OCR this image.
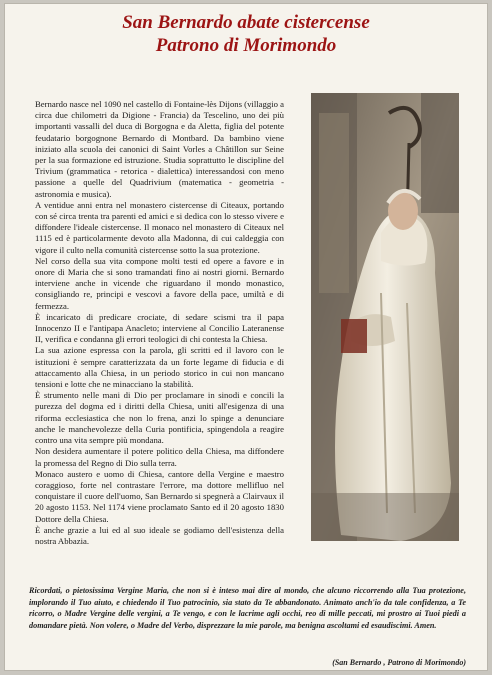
San Bernardo abate cistercense
Patrono di Morimondo

Bernardo nasce nel 1090 nel castello di Fontaine-lès Dijons (villaggio a circa due chilometri da Digione - Francia) da Tescelino, uno dei più importanti vassalli del duca di Borgogna e da Aletta, figlia del potente feudatario borgognone Bernardo di Montbard. Da bambino viene iniziato alla scuola dei canonici di Saint Vorles a Châtillon sur Seine per la sua formazione ed istruzione. Studia soprattutto le discipline del Trivium (grammatica - retorica - dialettica) interessandosi con meno passione a quelle del Quadrivium (matematica - geometria - astronomia e musica).

A ventidue anni entra nel monastero cistercense di Citeaux, portando con sé circa trenta tra parenti ed amici e si dedica con lo stesso vivere e diffondere l'ideale cistercense. Il monaco nel monastero di Citeaux nel 1115 ed è particolarmente devoto alla Madonna, di cui caldeggia con vigore il culto nella comunità cistercense sotto la sua protezione.

Nel corso della sua vita compone molti testi ed opere a favore e in onore di Maria che si sono tramandati fino ai nostri giorni. Bernardo interviene anche in vicende che riguardano il mondo monastico, consigliando re, principi e vescovi a favore della pace, umiltà e di fermezza.

È incaricato di predicare crociate, di sedare scismi tra il papa Innocenzo II e l'antipapa Anacleto; interviene al Concilio Lateranense II, verifica e condanna gli errori teologici di chi contesta la Chiesa.

La sua azione espressa con la parola, gli scritti ed il lavoro con le istituzioni è sempre caratterizzata da un forte legame di fiducia e di attaccamento alla Chiesa, in un periodo storico in cui non mancano tensioni e lotte che ne minacciano la stabilità.

È strumento nelle mani di Dio per proclamare in sinodi e concili la purezza del dogma ed i diritti della Chiesa, uniti all'esigenza di una riforma ecclesiastica che non lo frena, anzi lo spinge a denunciare anche le manchevolezze della Curia pontificia, spingendola a reagire contro una vita sempre più mondana.

Non desidera aumentare il potere politico della Chiesa, ma diffondere la promessa del Regno di Dio sulla terra.

Monaco austero e uomo di Chiesa, cantore della Vergine e maestro coraggioso, forte nel contrastare l'errore, ma dottore mellifluo nel conquistare il cuore dell'uomo, San Bernardo si spegnerà a Clairvaux il 20 agosto 1153. Nel 1174 viene proclamato Santo ed il 20 agosto 1830 Dottore della Chiesa.

È anche grazie a lui ed al suo ideale se godiamo dell'esistenza della nostra Abbazia.

Ricordati, o pietosissima Vergine Maria, che non si è inteso mai dire al mondo, che alcuno riccorrendo alla Tua protezione, implorando il Tuo aiuto, e chiedendo il Tuo patrocinio, sia stato da Te abbandonato. Animato anch'io da tale confidenza, a Te ricorro, o Madre Vergine delle vergini, a Te vengo, e con le lacrime agli occhi, reo di mille peccati, mi prostro ai Tuoi piedi a domandare pietà. Non volere, o Madre del Verbo, disprezzare la mie parole, ma benigna ascoltami ed esaudiscimi. Amen.
(San Bernardo , Patrono di Morimondo)
